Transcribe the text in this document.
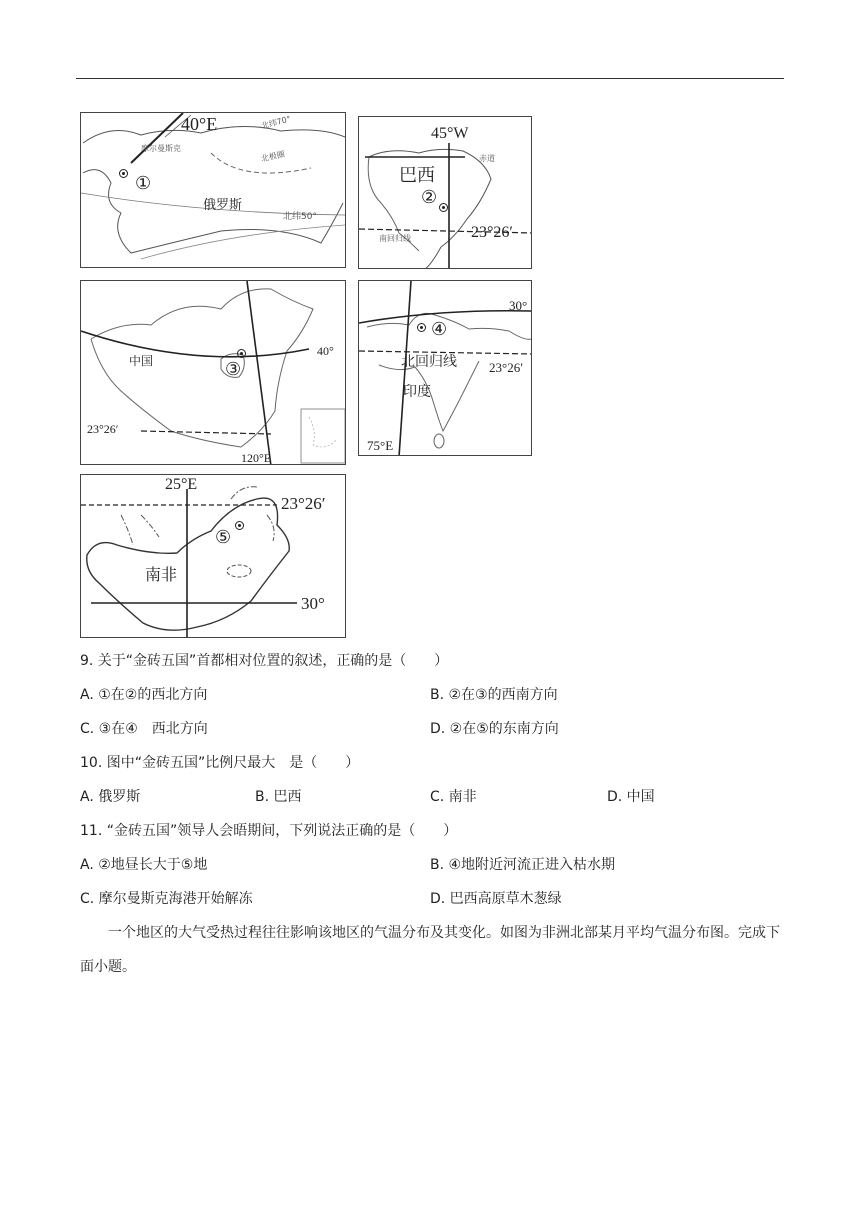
40°E	北纬70°
北极圈
摩尔曼斯克
①
俄罗斯
北纬50°
45°W
赤道
巴西
②
南回归线	23°26′
中国	③
40°
23°26′
120°E
30°
④
北回归线 23°26′
印度
75°E
25°E
23°26′
⑤
南非
30°
9. 关于“金砖五国”首都相对位置的叙述，正确的是（　　）
A. ①在②的西北方向	B. ②在③的西南方向
C. ③在④　西北方向	D. ②在⑤的东南方向
10. 图中“金砖五国”比例尺最大　是（　　）
A. 俄罗斯	B. 巴西	C. 南非	D. 中国
11. “金砖五国”领导人会晤期间，下列说法正确的是（　　）
A. ②地昼长大于⑤地	B. ④地附近河流正进入枯水期
C. 摩尔曼斯克海港开始解冻	D. 巴西高原草木葱绿
一个地区的大气受热过程往往影响该地区的气温分布及其变化。如图为非洲北部某月平均气温分布图。完成下面小题。
